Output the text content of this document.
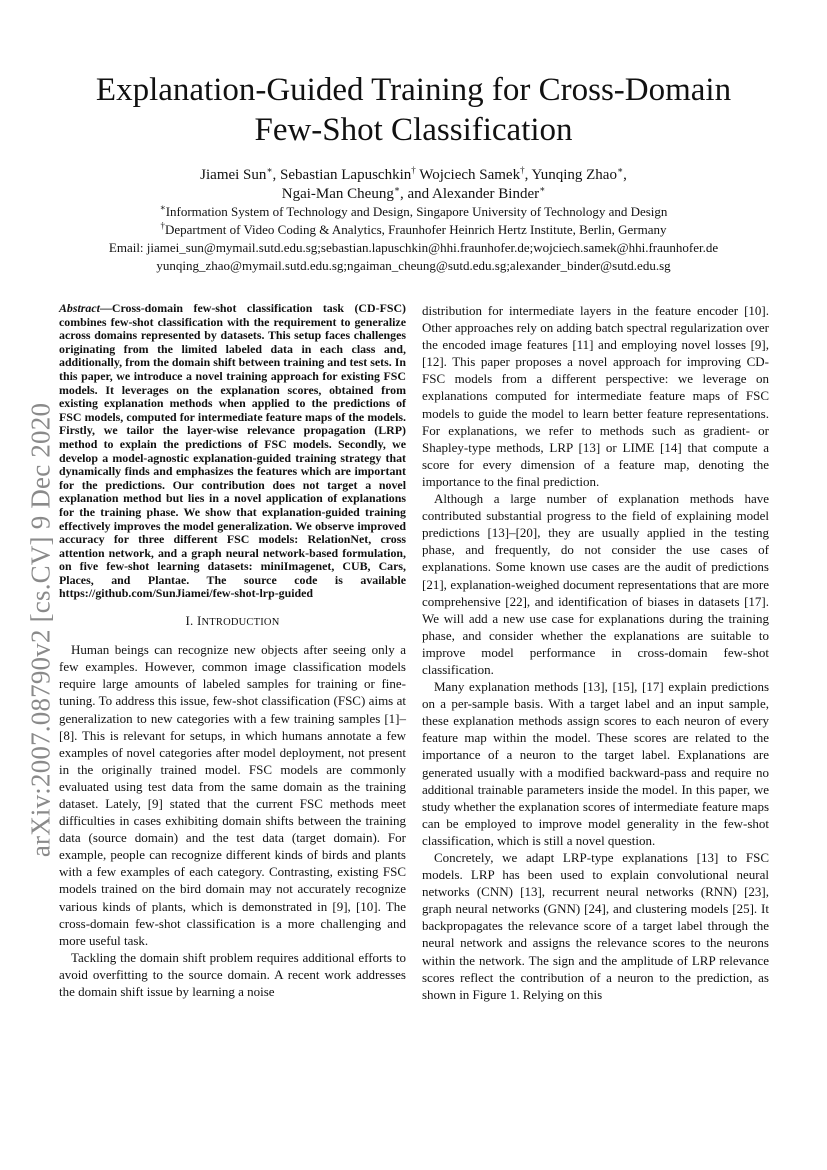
Explanation-Guided Training for Cross-Domain
Few-Shot Classification
Jiamei Sun∗, Sebastian Lapuschkin† Wojciech Samek†, Yunqing Zhao∗,
Ngai-Man Cheung∗, and Alexander Binder∗
∗Information System of Technology and Design, Singapore University of Technology and Design
†Department of Video Coding & Analytics, Fraunhofer Heinrich Hertz Institute, Berlin, Germany
Email: jiamei_sun@mymail.sutd.edu.sg;sebastian.lapuschkin@hhi.fraunhofer.de;wojciech.samek@hhi.fraunhofer.de
yunqing_zhao@mymail.sutd.edu.sg;ngaiman_cheung@sutd.edu.sg;alexander_binder@sutd.edu.sg
arXiv:2007.08790v2 [cs.CV] 9 Dec 2020

Abstract—Cross-domain few-shot classification task (CD-FSC) combines few-shot classification with the requirement to generalize across domains represented by datasets. This setup faces challenges originating from the limited labeled data in each class and, additionally, from the domain shift between training and test sets. In this paper, we introduce a novel training approach for existing FSC models. It leverages on the explanation scores, obtained from existing explanation methods when applied to the predictions of FSC models, computed for intermediate feature maps of the models. Firstly, we tailor the layer-wise relevance propagation (LRP) method to explain the predictions of FSC models. Secondly, we develop a model-agnostic explanation-guided training strategy that dynamically finds and emphasizes the features which are important for the predictions. Our contribution does not target a novel explanation method but lies in a novel application of explanations for the training phase. We show that explanation-guided training effectively improves the model generalization. We observe improved accuracy for three different FSC models: RelationNet, cross attention network, and a graph neural network-based formulation, on five few-shot learning datasets: miniImagenet, CUB, Cars, Places, and Plantae. The source code is available https://github.com/SunJiamei/few-shot-lrp-guided

I. INTRODUCTION

Human beings can recognize new objects after seeing only a few examples. However, common image classification models require large amounts of labeled samples for training or fine-tuning. To address this issue, few-shot classification (FSC) aims at generalization to new categories with a few training samples [1]–[8]. This is relevant for setups, in which humans annotate a few examples of novel categories after model deployment, not present in the originally trained model. FSC models are commonly evaluated using test data from the same domain as the training dataset. Lately, [9] stated that the current FSC methods meet difficulties in cases exhibiting domain shifts between the training data (source domain) and the test data (target domain). For example, people can recognize different kinds of birds and plants with a few examples of each category. Contrasting, existing FSC models trained on the bird domain may not accurately recognize various kinds of plants, which is demonstrated in [9], [10]. The cross-domain few-shot classification is a more challenging and more useful task.

Tackling the domain shift problem requires additional efforts to avoid overfitting to the source domain. A recent work addresses the domain shift issue by learning a noise

distribution for intermediate layers in the feature encoder [10]. Other approaches rely on adding batch spectral regularization over the encoded image features [11] and employing novel losses [9], [12]. This paper proposes a novel approach for improving CD-FSC models from a different perspective: we leverage on explanations computed for intermediate feature maps of FSC models to guide the model to learn better feature representations. For explanations, we refer to methods such as gradient- or Shapley-type methods, LRP [13] or LIME [14] that compute a score for every dimension of a feature map, denoting the importance to the final prediction.

Although a large number of explanation methods have contributed substantial progress to the field of explaining model predictions [13]–[20], they are usually applied in the testing phase, and frequently, do not consider the use cases of explanations. Some known use cases are the audit of predictions [21], explanation-weighed document representations that are more comprehensive [22], and identification of biases in datasets [17]. We will add a new use case for explanations during the training phase, and consider whether the explanations are suitable to improve model performance in cross-domain few-shot classification.

Many explanation methods [13], [15], [17] explain predictions on a per-sample basis. With a target label and an input sample, these explanation methods assign scores to each neuron of every feature map within the model. These scores are related to the importance of a neuron to the target label. Explanations are generated usually with a modified backward-pass and require no additional trainable parameters inside the model. In this paper, we study whether the explanation scores of intermediate feature maps can be employed to improve model generality in the few-shot classification, which is still a novel question.

Concretely, we adapt LRP-type explanations [13] to FSC models. LRP has been used to explain convolutional neural networks (CNN) [13], recurrent neural networks (RNN) [23], graph neural networks (GNN) [24], and clustering models [25]. It backpropagates the relevance score of a target label through the neural network and assigns the relevance scores to the neurons within the network. The sign and the amplitude of LRP relevance scores reflect the contribution of a neuron to the prediction, as shown in Figure 1. Relying on this
